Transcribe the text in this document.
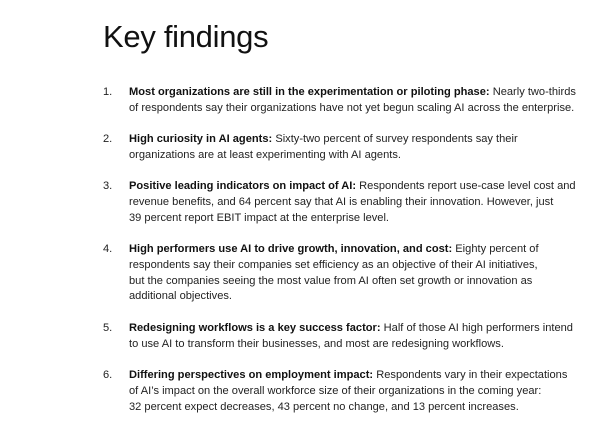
Key findings
1.	Most organizations are still in the experimentation or piloting phase: Nearly two-thirds
of respondents say their organizations have not yet begun scaling AI across the enterprise.
2.	High curiosity in AI agents: Sixty-two percent of survey respondents say their
organizations are at least experimenting with AI agents.
3.	Positive leading indicators on impact of AI: Respondents report use-case level cost and
revenue benefits, and 64 percent say that AI is enabling their innovation. However, just
39 percent report EBIT impact at the enterprise level.
4.	High performers use AI to drive growth, innovation, and cost: Eighty percent of
respondents say their companies set efficiency as an objective of their AI initiatives,
but the companies seeing the most value from AI often set growth or innovation as
additional objectives.
5.	Redesigning workflows is a key success factor: Half of those AI high performers intend
to use AI to transform their businesses, and most are redesigning workflows.
6.	Differing perspectives on employment impact: Respondents vary in their expectations
of AI’s impact on the overall workforce size of their organizations in the coming year:
32 percent expect decreases, 43 percent no change, and 13 percent increases.
